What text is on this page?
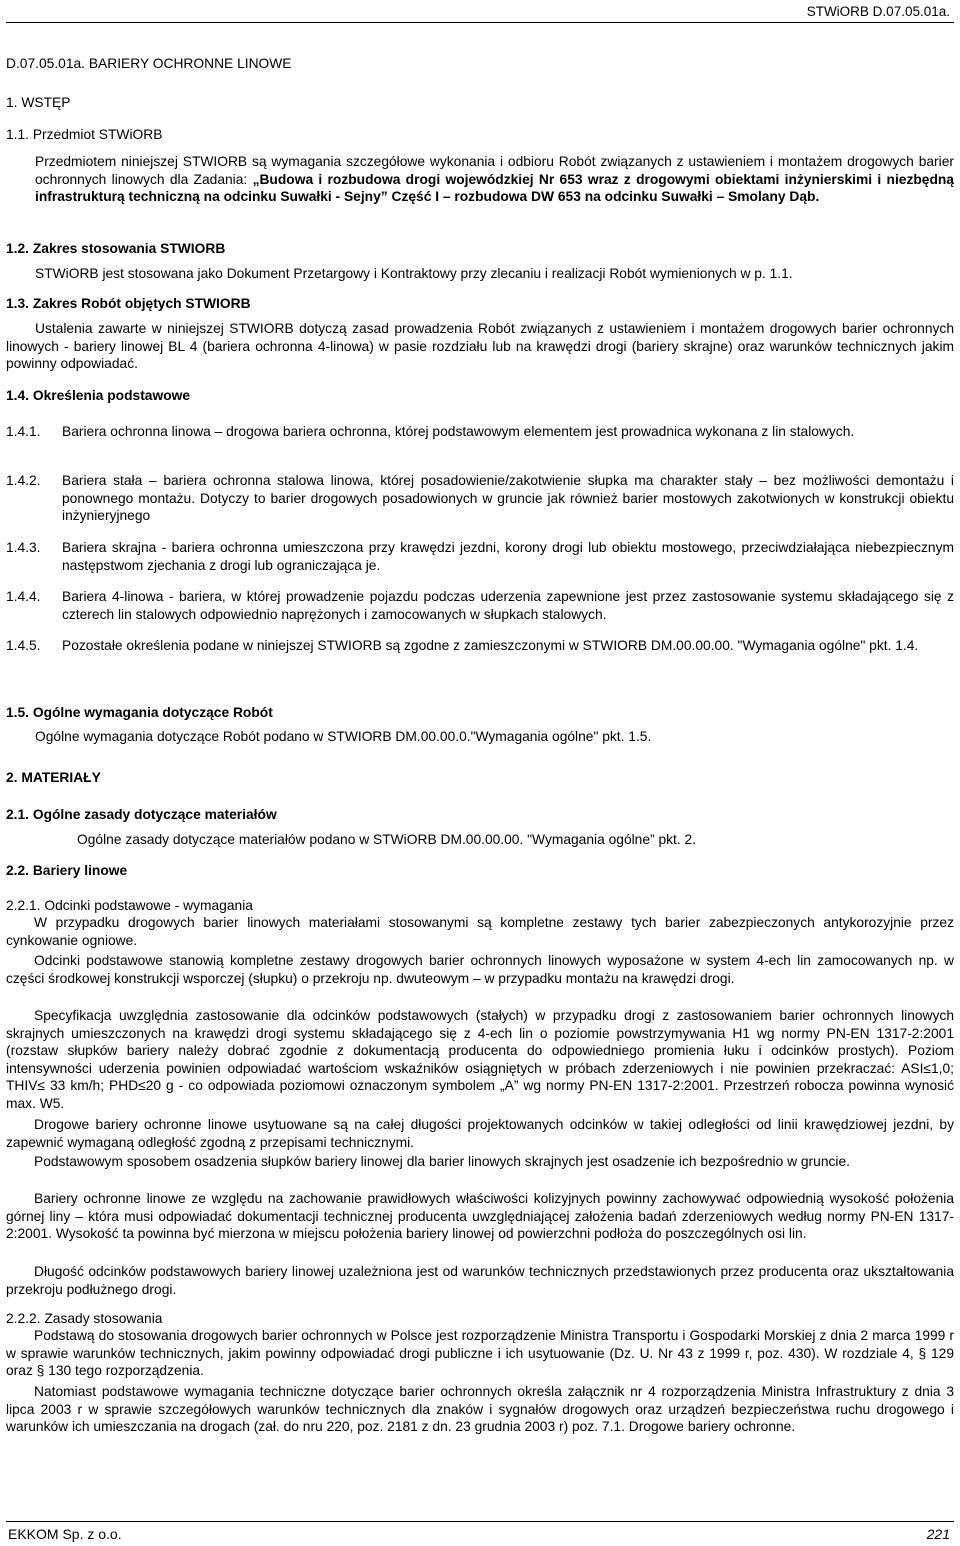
STWiORB D.07.05.01a.
D.07.05.01a. BARIERY OCHRONNE LINOWE
1. WSTĘP
1.1. Przedmiot STWiORB
Przedmiotem niniejszej STWIORB są wymagania szczegółowe wykonania i odbioru Robót związanych z ustawieniem i montażem drogowych barier ochronnych linowych dla Zadania: „Budowa i rozbudowa drogi wojewódzkiej Nr 653 wraz z drogowymi obiektami inżynierskimi i niezbędną infrastrukturą techniczną na odcinku Suwałki - Sejny” Część I – rozbudowa DW 653 na odcinku Suwałki – Smolany Dąb.
1.2. Zakres stosowania STWIORB
STWiORB jest stosowana jako Dokument Przetargowy i Kontraktowy przy zlecaniu i realizacji Robót wymienionych w p. 1.1.
1.3. Zakres Robót objętych STWIORB
Ustalenia zawarte w niniejszej STWIORB dotyczą zasad prowadzenia Robót związanych z ustawieniem i montażem drogowych barier ochronnych linowych - bariery linowej BL 4 (bariera ochronna 4-linowa) w pasie rozdziału lub na krawędzi drogi (bariery skrajne) oraz warunków technicznych jakim powinny odpowiadać.
1.4. Określenia podstawowe
1.4.1. Bariera ochronna linowa – drogowa bariera ochronna, której podstawowym elementem jest prowadnica wykonana z lin stalowych.
1.4.2. Bariera stała – bariera ochronna stalowa linowa, której posadowienie/zakotwienie słupka ma charakter stały – bez możliwości demontażu i ponownego montażu. Dotyczy to barier drogowych posadowionych w gruncie jak również barier mostowych zakotwionych w konstrukcji obiektu inżynieryjnego
1.4.3. Bariera skrajna - bariera ochronna umieszczona przy krawędzi jezdni, korony drogi lub obiektu mostowego, przeciwdziałająca niebezpiecznym następstwom zjechania z drogi lub ograniczająca je.
1.4.4. Bariera 4-linowa - bariera, w której prowadzenie pojazdu podczas uderzenia zapewnione jest przez zastosowanie systemu składającego się z czterech lin stalowych odpowiednio naprężonych i zamocowanych w słupkach stalowych.
1.4.5. Pozostałe określenia podane w niniejszej STWIORB są zgodne z zamieszczonymi w STWIORB DM.00.00.00. "Wymagania ogólne" pkt. 1.4.
1.5. Ogólne wymagania dotyczące Robót
Ogólne wymagania dotyczące Robót podano w STWIORB DM.00.00.0."Wymagania ogólne" pkt. 1.5.
2. MATERIAŁY
2.1. Ogólne zasady dotyczące materiałów
Ogólne zasady dotyczące materiałów podano w STWiORB DM.00.00.00. "Wymagania ogólne” pkt. 2.
2.2. Bariery linowe
2.2.1. Odcinki podstawowe - wymagania
W przypadku drogowych barier linowych materiałami stosowanymi są kompletne zestawy tych barier zabezpieczonych antykorozyjnie przez cynkowanie ogniowe.
Odcinki podstawowe stanowią kompletne zestawy drogowych barier ochronnych linowych wyposażone w system 4-ech lin zamocowanych np. w części środkowej konstrukcji wsporczej (słupku) o przekroju np. dwuteowym – w przypadku montażu na krawędzi drogi.
Specyfikacja uwzględnia zastosowanie dla odcinków podstawowych (stałych) w przypadku drogi z zastosowaniem barier ochronnych linowych skrajnych umieszczonych na krawędzi drogi systemu składającego się z 4-ech lin o poziomie powstrzymywania H1 wg normy PN-EN 1317-2:2001 (rozstaw słupków bariery należy dobrać zgodnie z dokumentacją producenta do odpowiedniego promienia łuku i odcinków prostych). Poziom intensywności uderzenia powinien odpowiadać wartościom wskaźników osiągniętych w próbach zderzeniowych i nie powinien przekraczać: ASI≤1,0; THIV≤ 33 km/h; PHD≤20 g - co odpowiada poziomowi oznaczonym symbolem „A” wg normy PN-EN 1317-2:2001. Przestrzeń robocza powinna wynosić max. W5.
Drogowe bariery ochronne linowe usytuowane są na całej długości projektowanych odcinków w takiej odległości od linii krawędziowej jezdni, by zapewnić wymaganą odległość zgodną z przepisami technicznymi.
Podstawowym sposobem osadzenia słupków bariery linowej dla barier linowych skrajnych jest osadzenie ich bezpośrednio w gruncie.
Bariery ochronne linowe ze względu na zachowanie prawidłowych właściwości kolizyjnych powinny zachowywać odpowiednią wysokość położenia górnej liny – która musi odpowiadać dokumentacji technicznej producenta uwzględniającej założenia badań zderzeniowych według normy PN-EN 1317-2:2001. Wysokość ta powinna być mierzona w miejscu położenia bariery linowej od powierzchni podłoża do poszczególnych osi lin.
Długość odcinków podstawowych bariery linowej uzależniona jest od warunków technicznych przedstawionych przez producenta oraz ukształtowania przekroju podłużnego drogi.
2.2.2. Zasady stosowania
Podstawą do stosowania drogowych barier ochronnych w Polsce jest rozporządzenie Ministra Transportu i Gospodarki Morskiej z dnia 2 marca 1999 r w sprawie warunków technicznych, jakim powinny odpowiadać drogi publiczne i ich usytuowanie (Dz. U. Nr 43 z 1999 r, poz. 430). W rozdziale 4, § 129 oraz § 130 tego rozporządzenia.
Natomiast podstawowe wymagania techniczne dotyczące barier ochronnych określa załącznik nr 4 rozporządzenia Ministra Infrastruktury z dnia 3 lipca 2003 r w sprawie szczegółowych warunków technicznych dla znaków i sygnałów drogowych oraz urządzeń bezpieczeństwa ruchu drogowego i warunków ich umieszczania na drogach (zał. do nru 220, poz. 2181 z dn. 23 grudnia 2003 r) poz. 7.1. Drogowe bariery ochronne.
EKKOM Sp. z o.o.	221
